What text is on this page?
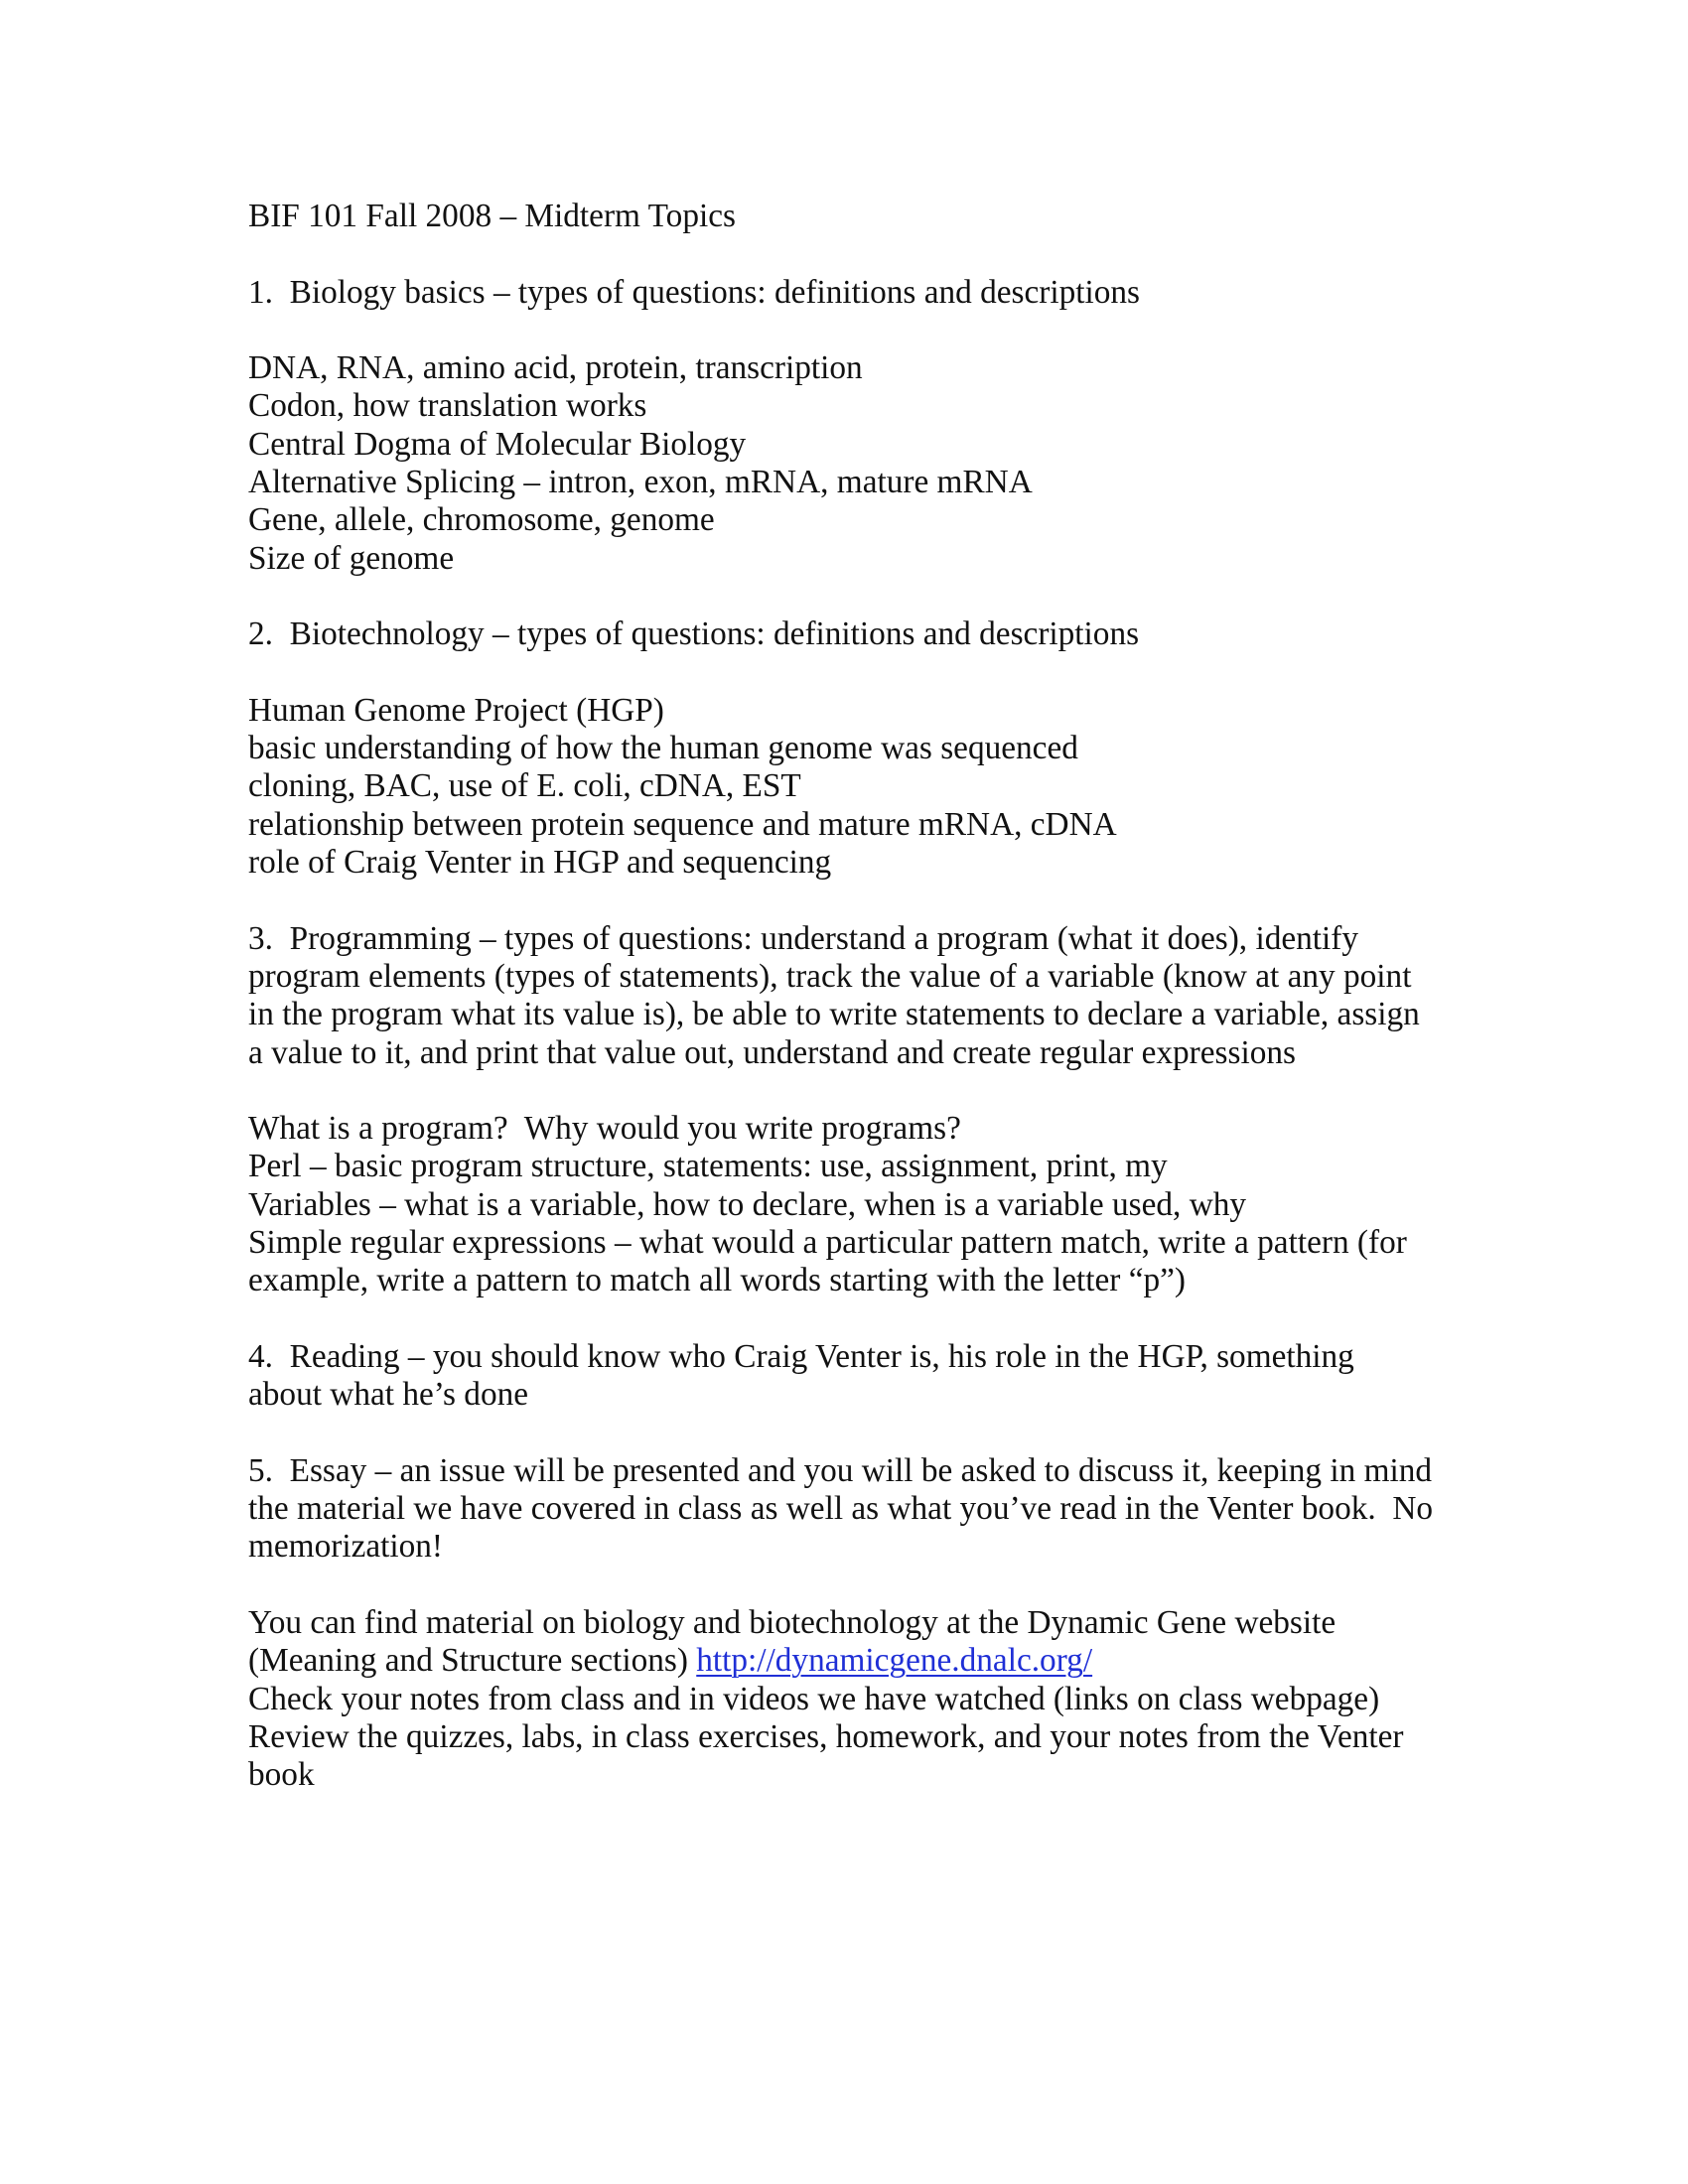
BIF 101 Fall 2008 – Midterm Topics
1.  Biology basics – types of questions: definitions and descriptions
DNA, RNA, amino acid, protein, transcription
Codon, how translation works
Central Dogma of Molecular Biology
Alternative Splicing – intron, exon, mRNA, mature mRNA
Gene, allele, chromosome, genome
Size of genome
2.  Biotechnology – types of questions: definitions and descriptions
Human Genome Project (HGP)
basic understanding of how the human genome was sequenced
cloning, BAC, use of E. coli, cDNA, EST
relationship between protein sequence and mature mRNA, cDNA
role of Craig Venter in HGP and sequencing
3.  Programming – types of questions: understand a program (what it does), identify
program elements (types of statements), track the value of a variable (know at any point
in the program what its value is), be able to write statements to declare a variable, assign
a value to it, and print that value out, understand and create regular expressions
What is a program?  Why would you write programs?
Perl – basic program structure, statements: use, assignment, print, my
Variables – what is a variable, how to declare, when is a variable used, why
Simple regular expressions – what would a particular pattern match, write a pattern (for
example, write a pattern to match all words starting with the letter “p”)
4.  Reading – you should know who Craig Venter is, his role in the HGP, something
about what he’s done
5.  Essay – an issue will be presented and you will be asked to discuss it, keeping in mind
the material we have covered in class as well as what you’ve read in the Venter book.  No
memorization!
You can find material on biology and biotechnology at the Dynamic Gene website
(Meaning and Structure sections) http://dynamicgene.dnalc.org/
Check your notes from class and in videos we have watched (links on class webpage)
Review the quizzes, labs, in class exercises, homework, and your notes from the Venter
book
